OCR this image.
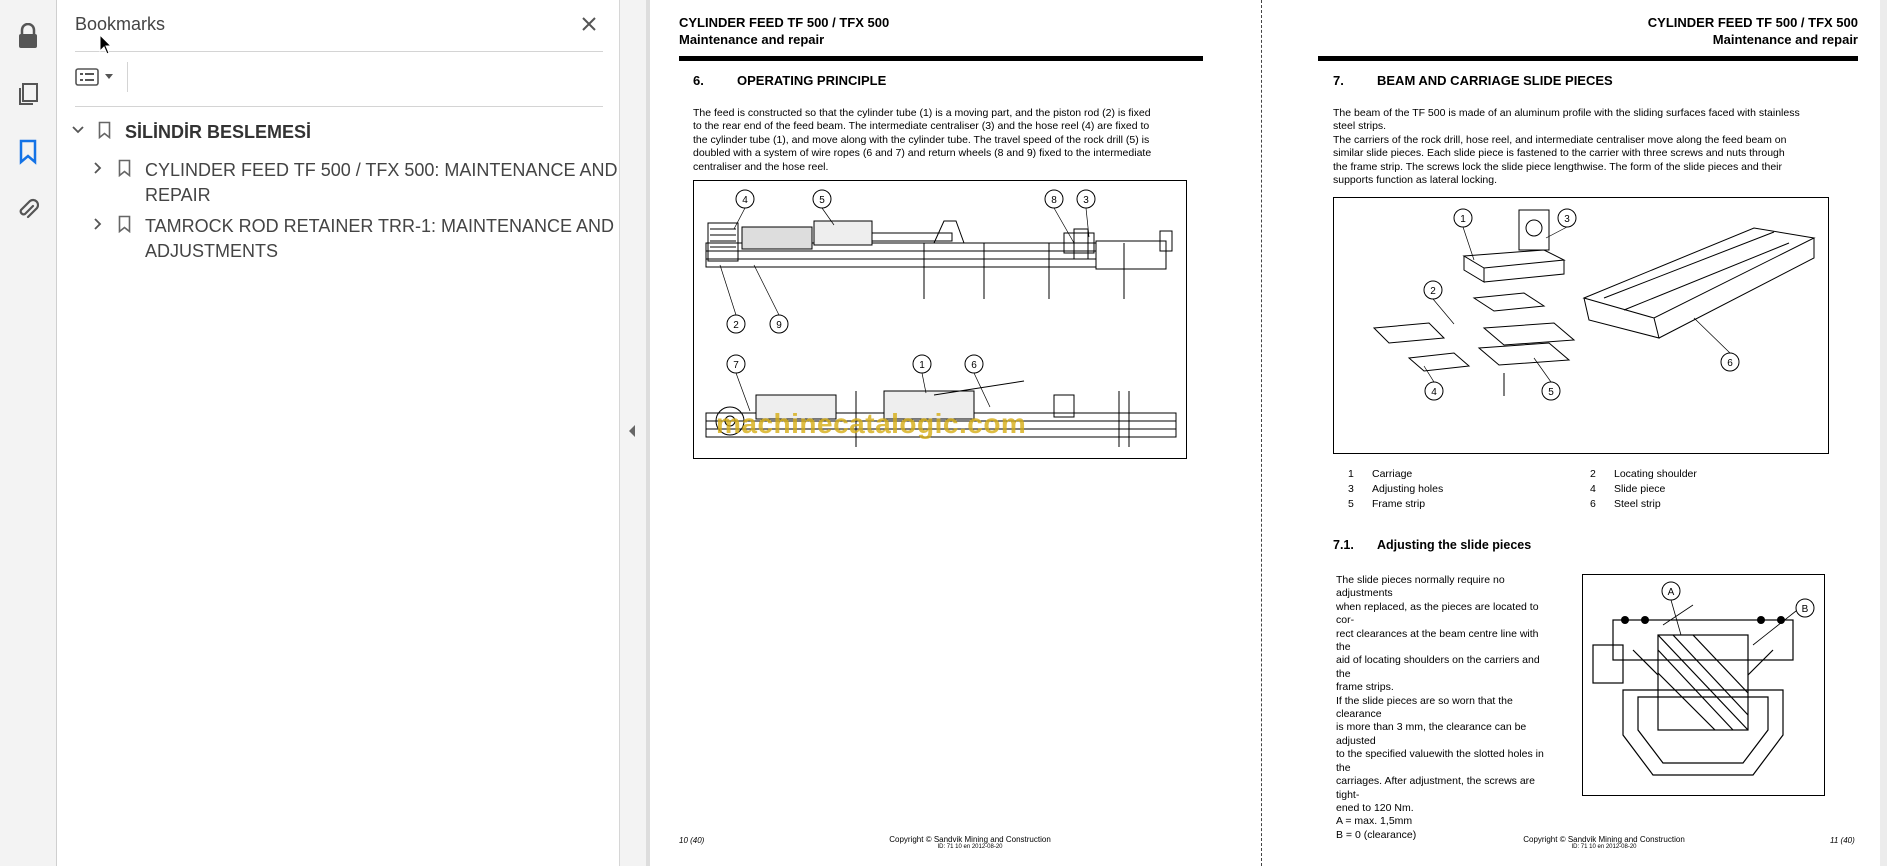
Bookmarks
SİLİNDİR BESLEMESİ
CYLINDER FEED TF 500 / TFX 500: MAINTENANCE AND
REPAIR
TAMROCK ROD RETAINER TRR-1: MAINTENANCE AND
ADJUSTMENTS
CYLINDER FEED TF 500 / TFX 500
Maintenance and repair
6.	OPERATING PRINCIPLE
The feed is constructed so that the cylinder tube (1) is a moving part, and the piston rod (2) is fixed
to the rear end of the feed beam. The intermediate centraliser (3) and the hose reel (4) are fixed to
the cylinder tube (1), and move along with the cylinder tube. The travel speed of the rock drill (5) is
doubled with a system of wire ropes (6 and 7) and return wheels (8 and 9) fixed to the intermediate
centraliser and the hose reel.
4	5	8	3
2	9
7	1	6
10 (40)	Copyright © Sandvik Mining and Construction
ID: 71 10 en 2012-08-20
machinecatalogic.com
CYLINDER FEED TF 500 / TFX 500
Maintenance and repair
7.	BEAM AND CARRIAGE SLIDE PIECES
The beam of the TF 500 is made of an aluminum profile with the sliding surfaces faced with stainless
steel strips.
The carriers of the rock drill, hose reel, and intermediate centraliser move along the feed beam on
similar slide pieces. Each slide piece is fastened to the carrier with three screws and nuts through
the frame strip. The screws lock the slide piece lengthwise. The form of the slide pieces and their
supports function as lateral locking.
1
2
3
4	5
6
1	Carriage	2	Locating shoulder
3	Adjusting holes	4	Slide piece
5	Frame strip	6	Steel strip
7.1. Adjusting the slide pieces
The slide pieces normally require no adjustments
when replaced, as the pieces are located to cor-
rect clearances at the beam centre line with the
aid of locating shoulders on the carriers and the
frame strips.
If the slide pieces are so worn that the clearance
is more than 3 mm, the clearance can be adjusted
to the specified valuewith the slotted holes in the
carriages. After adjustment, the screws are tight-
ened to 120 Nm.
A = max. 1,5mm
B = 0 (clearance)
A
B
Copyright © Sandvik Mining and Construction
ID: 71 10 en 2012-08-20
11 (40)
